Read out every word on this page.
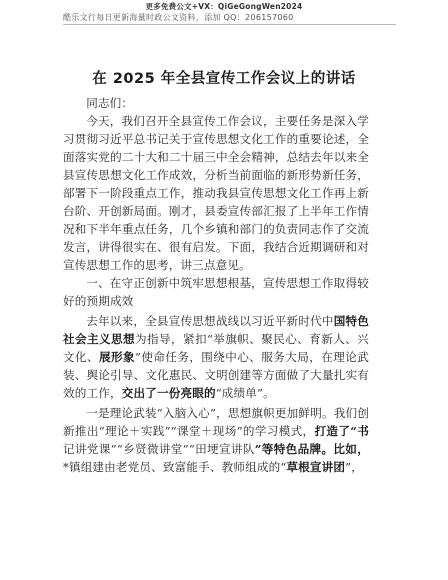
更多免费公文+VX：QiGeGongWen2024
酷乐文行每日更新海量时政公文资料，添加 QQ：206157060
在 2025 年全县宣传工作会议上的讲话

同志们：

今天，我们召开全县宣传工作会议，主要任务是深入学习贯彻习近平总书记关于宣传思想文化工作的重要论述，全面落实党的二十大和二十届三中全会精神，总结去年以来全县宣传思想文化工作成效，分析当前面临的新形势新任务，部署下一阶段重点工作，推动我县宣传思想文化工作再上新台阶、开创新局面。刚才，县委宣传部汇报了上半年工作情况和下半年重点任务，几个乡镇和部门的负责同志作了交流发言，讲得很实在、很有启发。下面，我结合近期调研和对宣传思想工作的思考，讲三点意见。

一、在守正创新中筑牢思想根基，宣传思想工作取得较好的预期成效

去年以来，全县宣传思想战线以习近平新时代中国特色社会主义思想为指导，紧扣“举旗帜、聚民心、育新人、兴文化、展形象”使命任务，围绕中心、服务大局，在理论武装、舆论引导、文化惠民、文明创建等方面做了大量扎实有效的工作，交出了一份亮眼的“成绩单”。

一是理论武装“入脑入心”，思想旗帜更加鲜明。我们创新推出“理论＋实践”“课堂＋现场”的学习模式，打造了“书记讲党课”“乡贤微讲堂”“田埂宣讲队”等特色品牌。比如，*镇组建由老党员、致富能手、教师组成的“草根宣讲团”，
